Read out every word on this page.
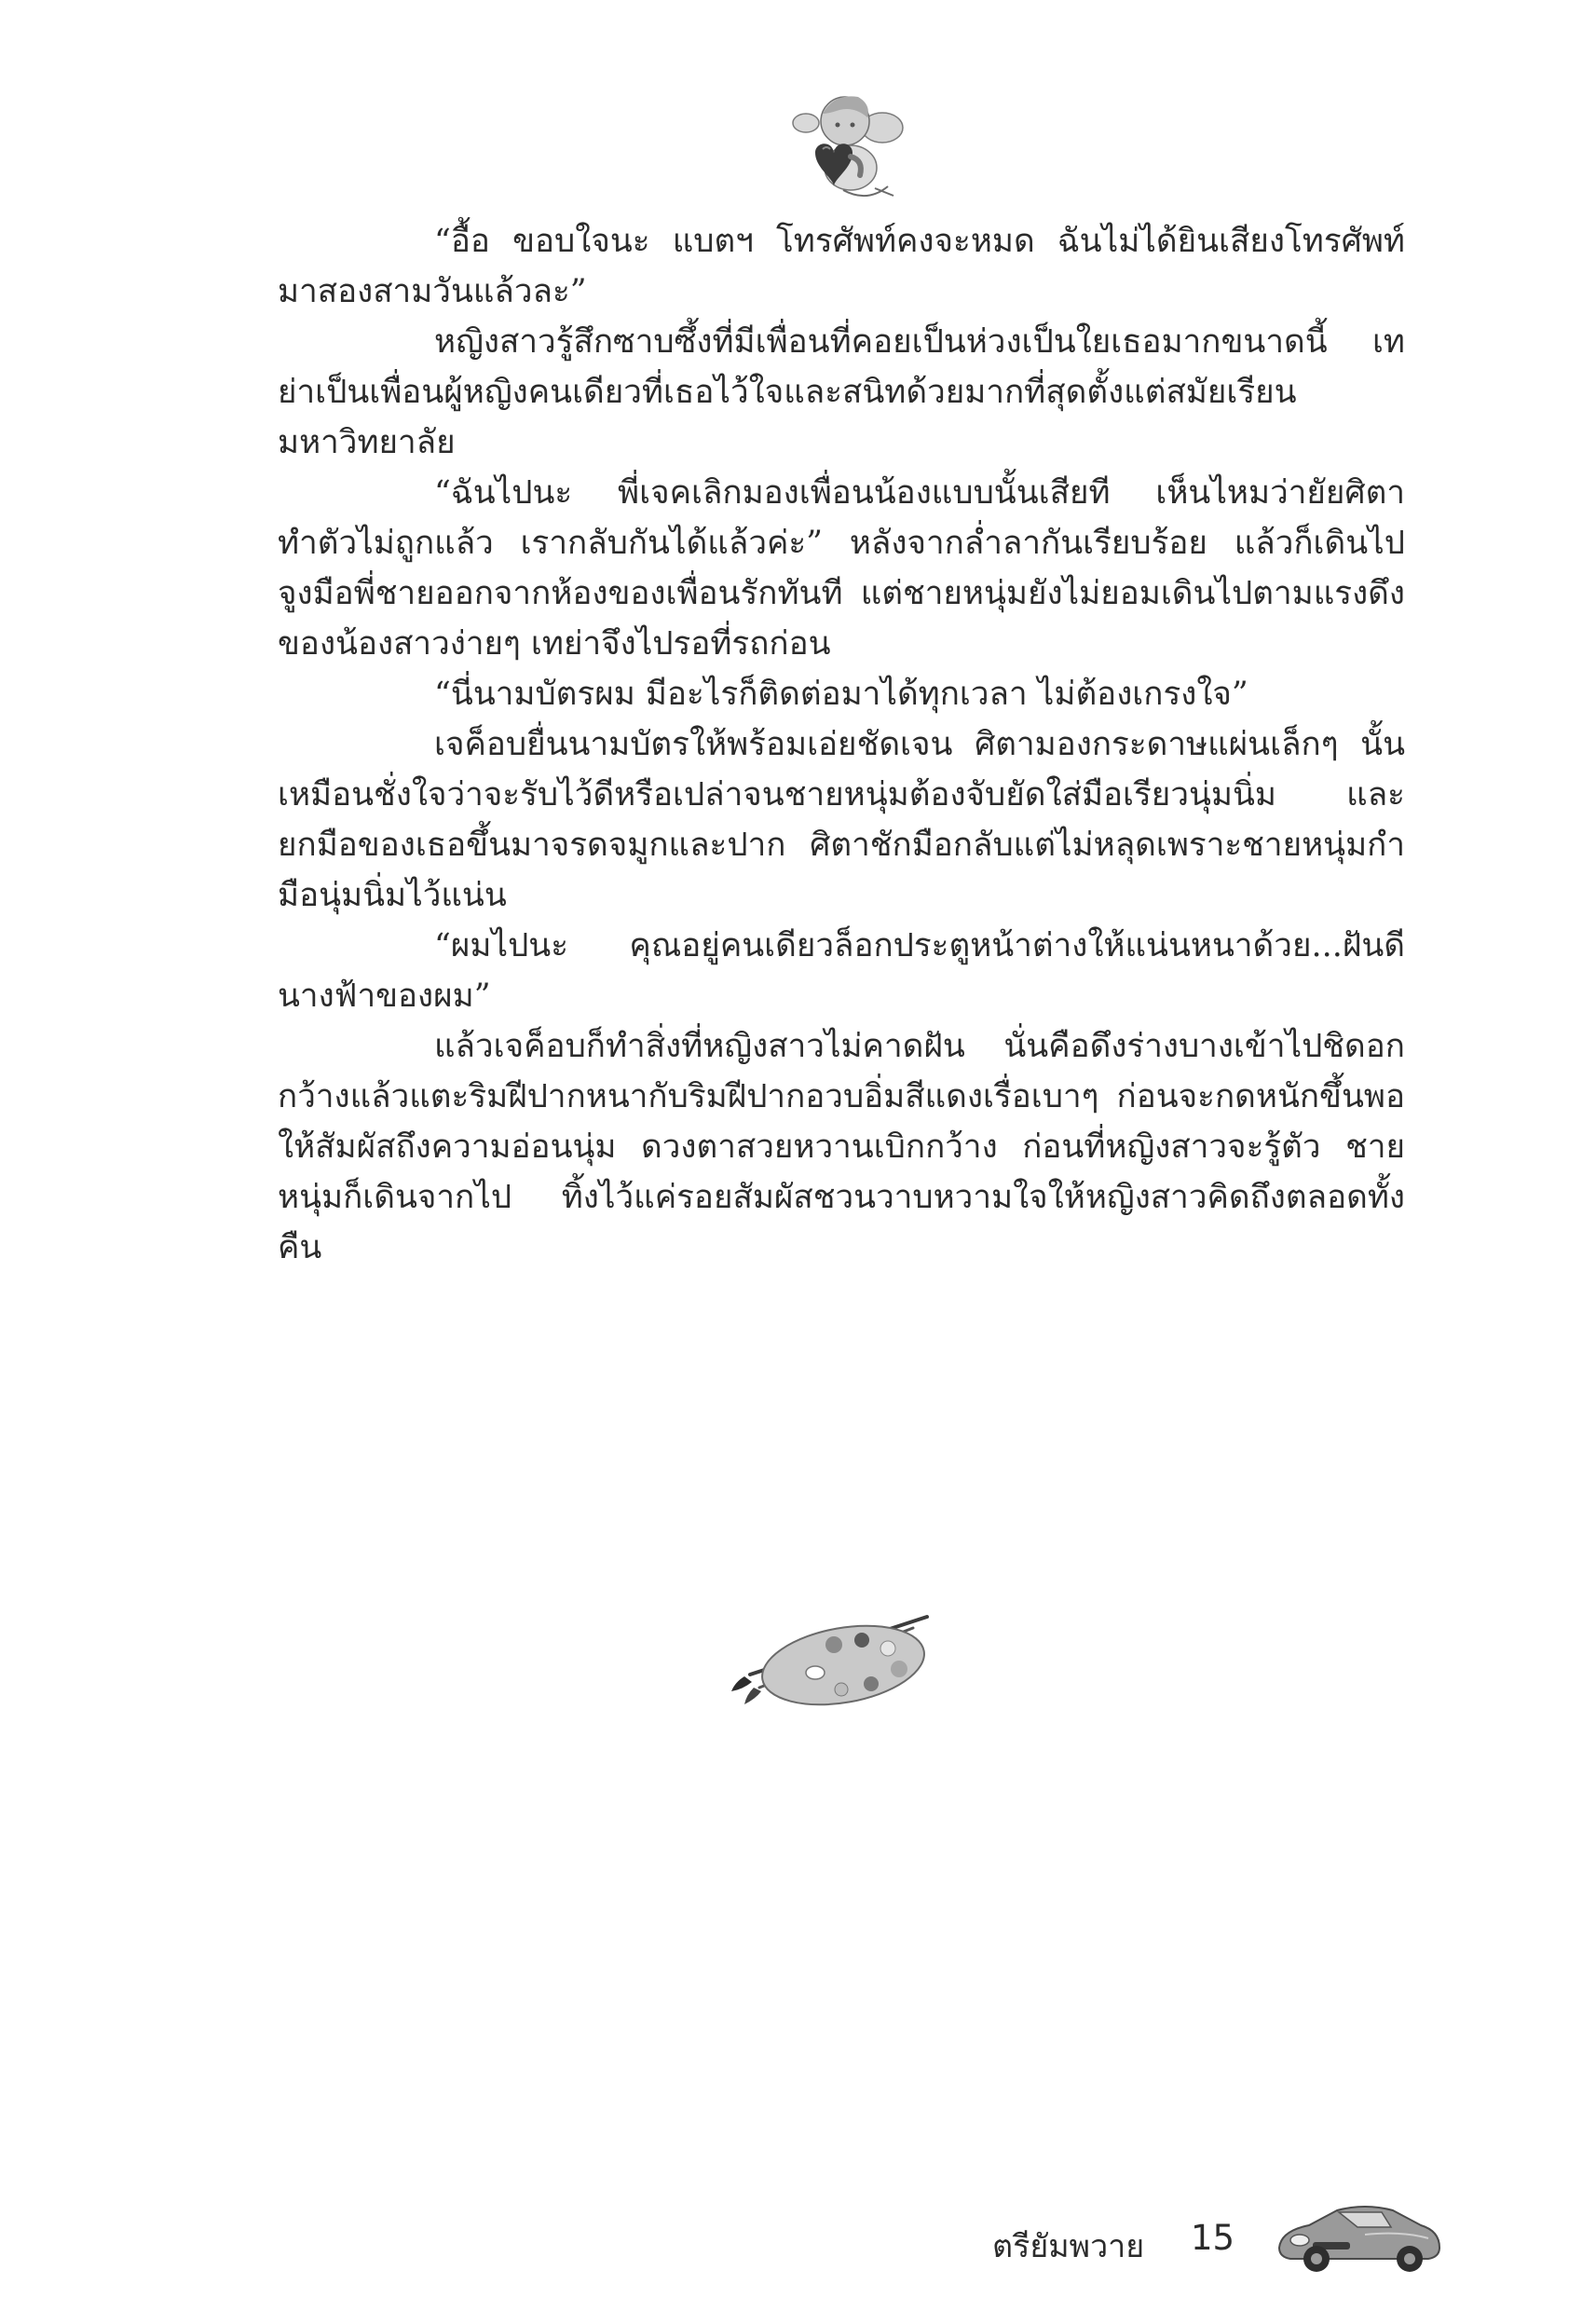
“อื้อ ขอบใจนะ แบตฯ โทรศัพท์คงจะหมด ฉันไม่ได้ยินเสียงโทรศัพท์มาสองสามวันแล้วละ”

หญิงสาวรู้สึกซาบซึ้งที่มีเพื่อนที่คอยเป็นห่วงเป็นใยเธอมากขนาดนี้ เทย่าเป็นเพื่อนผู้หญิงคนเดียวที่เธอไว้ใจและสนิทด้วยมากที่สุดตั้งแต่สมัยเรียนมหาวิทยาลัย

“ฉันไปนะ พี่เจคเลิกมองเพื่อนน้องแบบนั้นเสียที เห็นไหมว่ายัยศิตาทำตัวไม่ถูกแล้ว เรากลับกันได้แล้วค่ะ” หลังจากล่ำลากันเรียบร้อย แล้วก็เดินไปจูงมือพี่ชายออกจากห้องของเพื่อนรักทันที แต่ชายหนุ่มยังไม่ยอมเดินไปตามแรงดึงของน้องสาวง่ายๆ เทย่าจึงไปรอที่รถก่อน

“นี่นามบัตรผม มีอะไรก็ติดต่อมาได้ทุกเวลา ไม่ต้องเกรงใจ”

เจค็อบยื่นนามบัตรให้พร้อมเอ่ยชัดเจน ศิตามองกระดาษแผ่นเล็กๆ นั้นเหมือนชั่งใจว่าจะรับไว้ดีหรือเปล่าจนชายหนุ่มต้องจับยัดใส่มือเรียวนุ่มนิ่ม และยกมือของเธอขึ้นมาจรดจมูกและปาก ศิตาชักมือกลับแต่ไม่หลุดเพราะชายหนุ่มกำมือนุ่มนิ่มไว้แน่น

“ผมไปนะ คุณอยู่คนเดียวล็อกประตูหน้าต่างให้แน่นหนาด้วย...ฝันดีนางฟ้าของผม”

แล้วเจค็อบก็ทำสิ่งที่หญิงสาวไม่คาดฝัน นั่นคือดึงร่างบางเข้าไปชิดอกกว้างแล้วแตะริมฝีปากหนากับริมฝีปากอวบอิ่มสีแดงเรื่อเบาๆ ก่อนจะกดหนักขึ้นพอให้สัมผัสถึงความอ่อนนุ่ม ดวงตาสวยหวานเบิกกว้าง ก่อนที่หญิงสาวจะรู้ตัว ชายหนุ่มก็เดินจากไป ทิ้งไว้แค่รอยสัมผัสชวนวาบหวามใจให้หญิงสาวคิดถึงตลอดทั้งคืน

ตรียัมพวาย 15
